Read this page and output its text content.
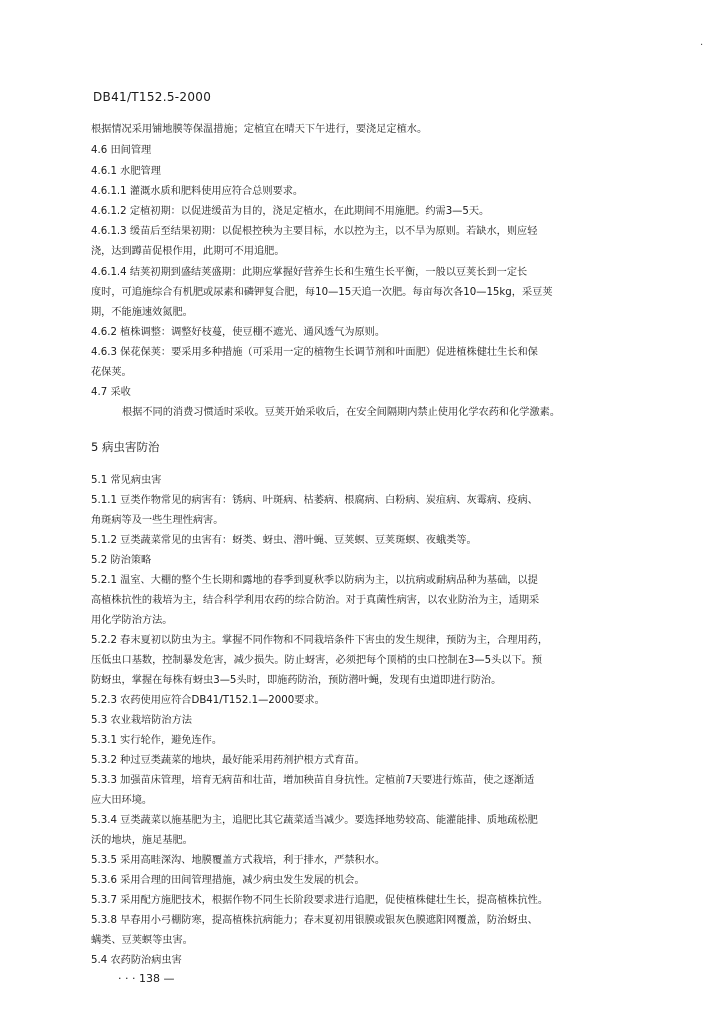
·
DB41/T152.5-2000
根据情况采用铺地膜等保温措施；定植宜在晴天下午进行，要浇足定植水。
4.6 田间管理
4.6.1 水肥管理
4.6.1.1 灌溉水质和肥料使用应符合总则要求。
4.6.1.2 定植初期：以促进缓苗为目的，浇足定植水，在此期间不用施肥。约需3—5天。
4.6.1.3 缓苗后至结果初期：以促根控秧为主要目标，水以控为主，以不旱为原则。若缺水，则应轻
浇，达到蹲苗促根作用，此期可不用追肥。
4.6.1.4 结荚初期到盛结荚盛期：此期应掌握好营养生长和生殖生长平衡，一般以豆荚长到一定长
度时，可追施综合有机肥或尿素和磷钾复合肥，每10—15天追一次肥。每亩每次各10—15kg，采豆荚
期，不能施速效氮肥。
4.6.2 植株调整：调整好枝蔓，使豆棚不遮光、通风透气为原则。
4.6.3 保花保荚：要采用多种措施（可采用一定的植物生长调节剂和叶面肥）促进植株健壮生长和保
花保荚。
4.7 采收
根据不同的消费习惯适时采收。豆荚开始采收后，在安全间隔期内禁止使用化学农药和化学激素。
5 病虫害防治
5.1 常见病虫害
5.1.1 豆类作物常见的病害有：锈病、叶斑病、枯萎病、根腐病、白粉病、炭疽病、灰霉病、疫病、
角斑病等及一些生理性病害。
5.1.2 豆类蔬菜常见的虫害有：蚜类、蚜虫、潜叶蝇、豆荚螟、豆荚斑螟、夜蛾类等。
5.2 防治策略
5.2.1 温室、大棚的整个生长期和露地的春季到夏秋季以防病为主，以抗病或耐病品种为基础，以提
高植株抗性的栽培为主，结合科学利用农药的综合防治。对于真菌性病害，以农业防治为主，适期采
用化学防治方法。
5.2.2 春末夏初以防虫为主。掌握不同作物和不同栽培条件下害虫的发生规律，预防为主，合理用药，
压低虫口基数，控制暴发危害，减少损失。防止蚜害，必须把每个顶梢的虫口控制在3—5头以下。预
防蚜虫，掌握在每株有蚜虫3—5头时，即施药防治，预防潜叶蝇，发现有虫道即进行防治。
5.2.3 农药使用应符合DB41/T152.1—2000要求。
5.3 农业栽培防治方法
5.3.1 实行轮作，避免连作。
5.3.2 种过豆类蔬菜的地块，最好能采用药剂护根方式育苗。
5.3.3 加强苗床管理，培育无病苗和壮苗，增加秧苗自身抗性。定植前7天要进行炼苗，使之逐渐适
应大田环境。
5.3.4 豆类蔬菜以施基肥为主，追肥比其它蔬菜适当减少。要选择地势较高、能灌能排、质地疏松肥
沃的地块，施足基肥。
5.3.5 采用高畦深沟、地膜覆盖方式栽培，利于排水，严禁积水。
5.3.6 采用合理的田间管理措施，减少病虫发生发展的机会。
5.3.7 采用配方施肥技术，根据作物不同生长阶段要求进行追肥，促使植株健壮生长，提高植株抗性。
5.3.8 早春用小弓棚防寒，提高植株抗病能力；春末夏初用银膜或银灰色膜遮阳网覆盖，防治蚜虫、
螨类、豆荚螟等虫害。
5.4 农药防治病虫害
· · · 138 —
